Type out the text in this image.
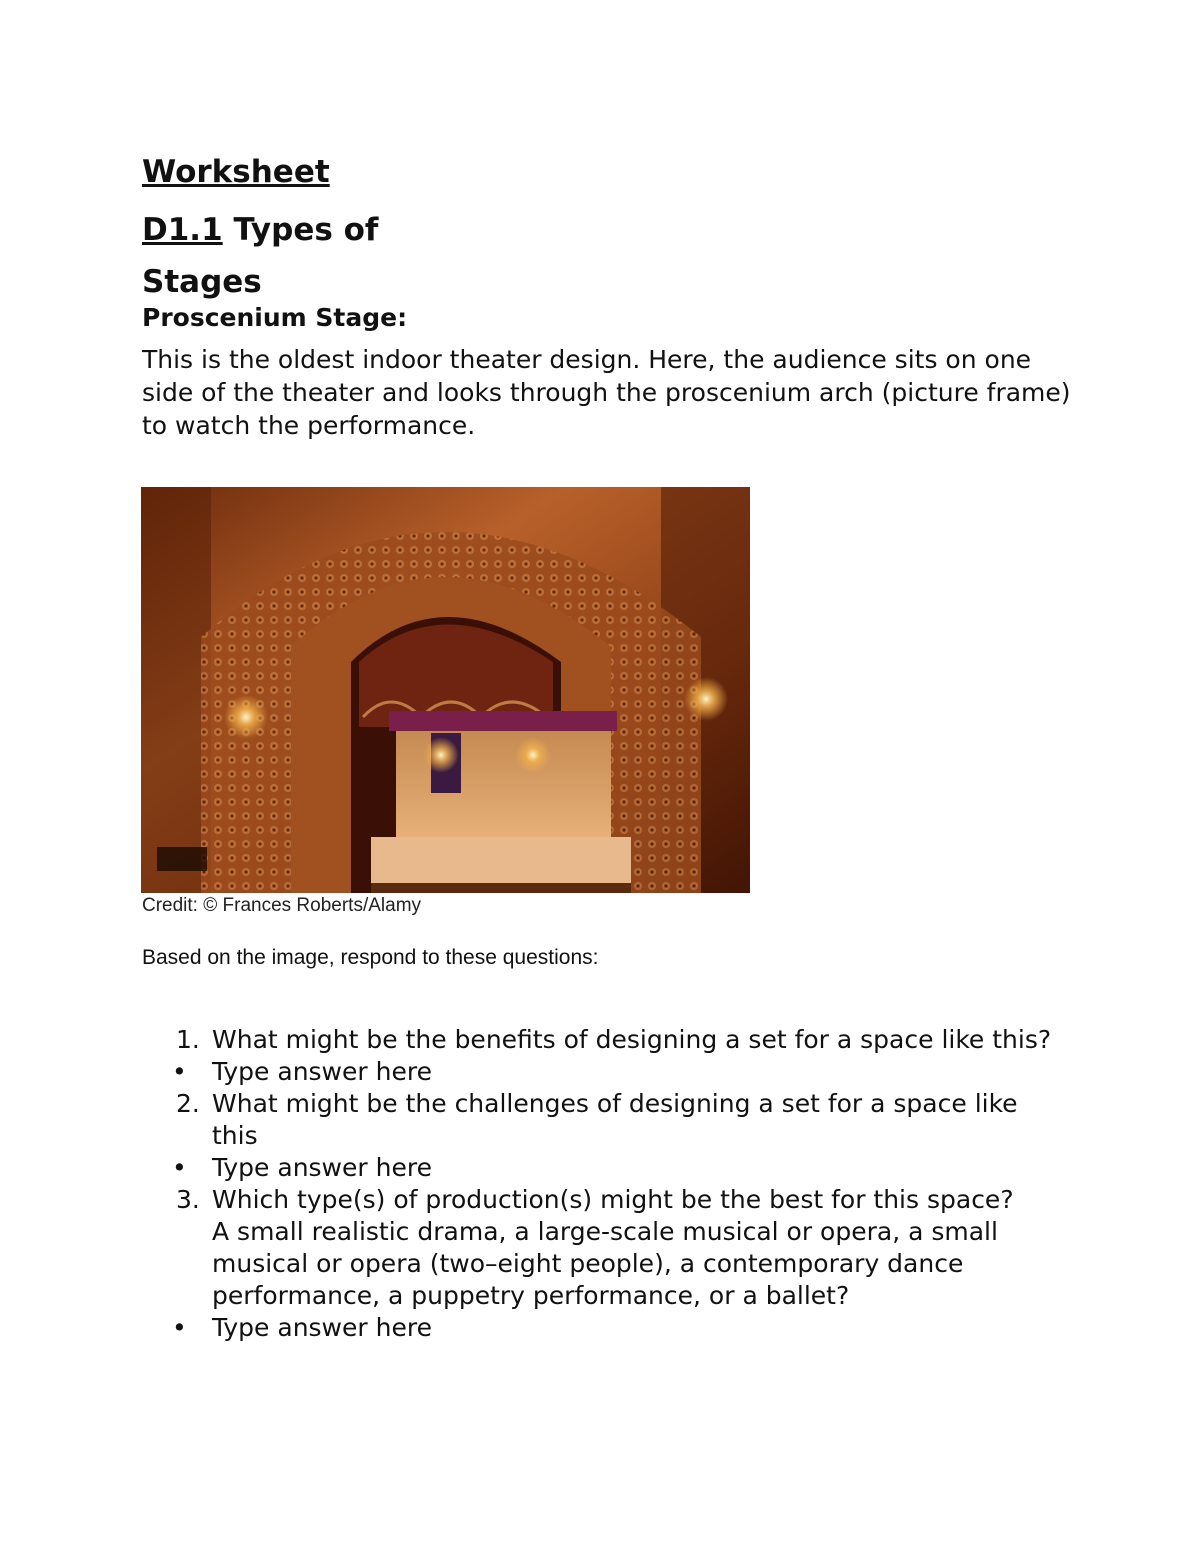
Worksheet
D1.1 Types of Stages
Proscenium Stage:

This is the oldest indoor theater design. Here, the audience sits on one side of the theater and looks through the proscenium arch (picture frame) to watch the performance.

Credit: © Frances Roberts/Alamy

Based on the image, respond to these questions:

1. What might be the benefits of designing a set for a space like this?
• Type answer here
2. What might be the challenges of designing a set for a space like this
• Type answer here
3. Which type(s) of production(s) might be the best for this space?
A small realistic drama, a large-scale musical or opera, a small musical or opera (two–eight people), a contemporary dance performance, a puppetry performance, or a ballet?
• Type answer here
